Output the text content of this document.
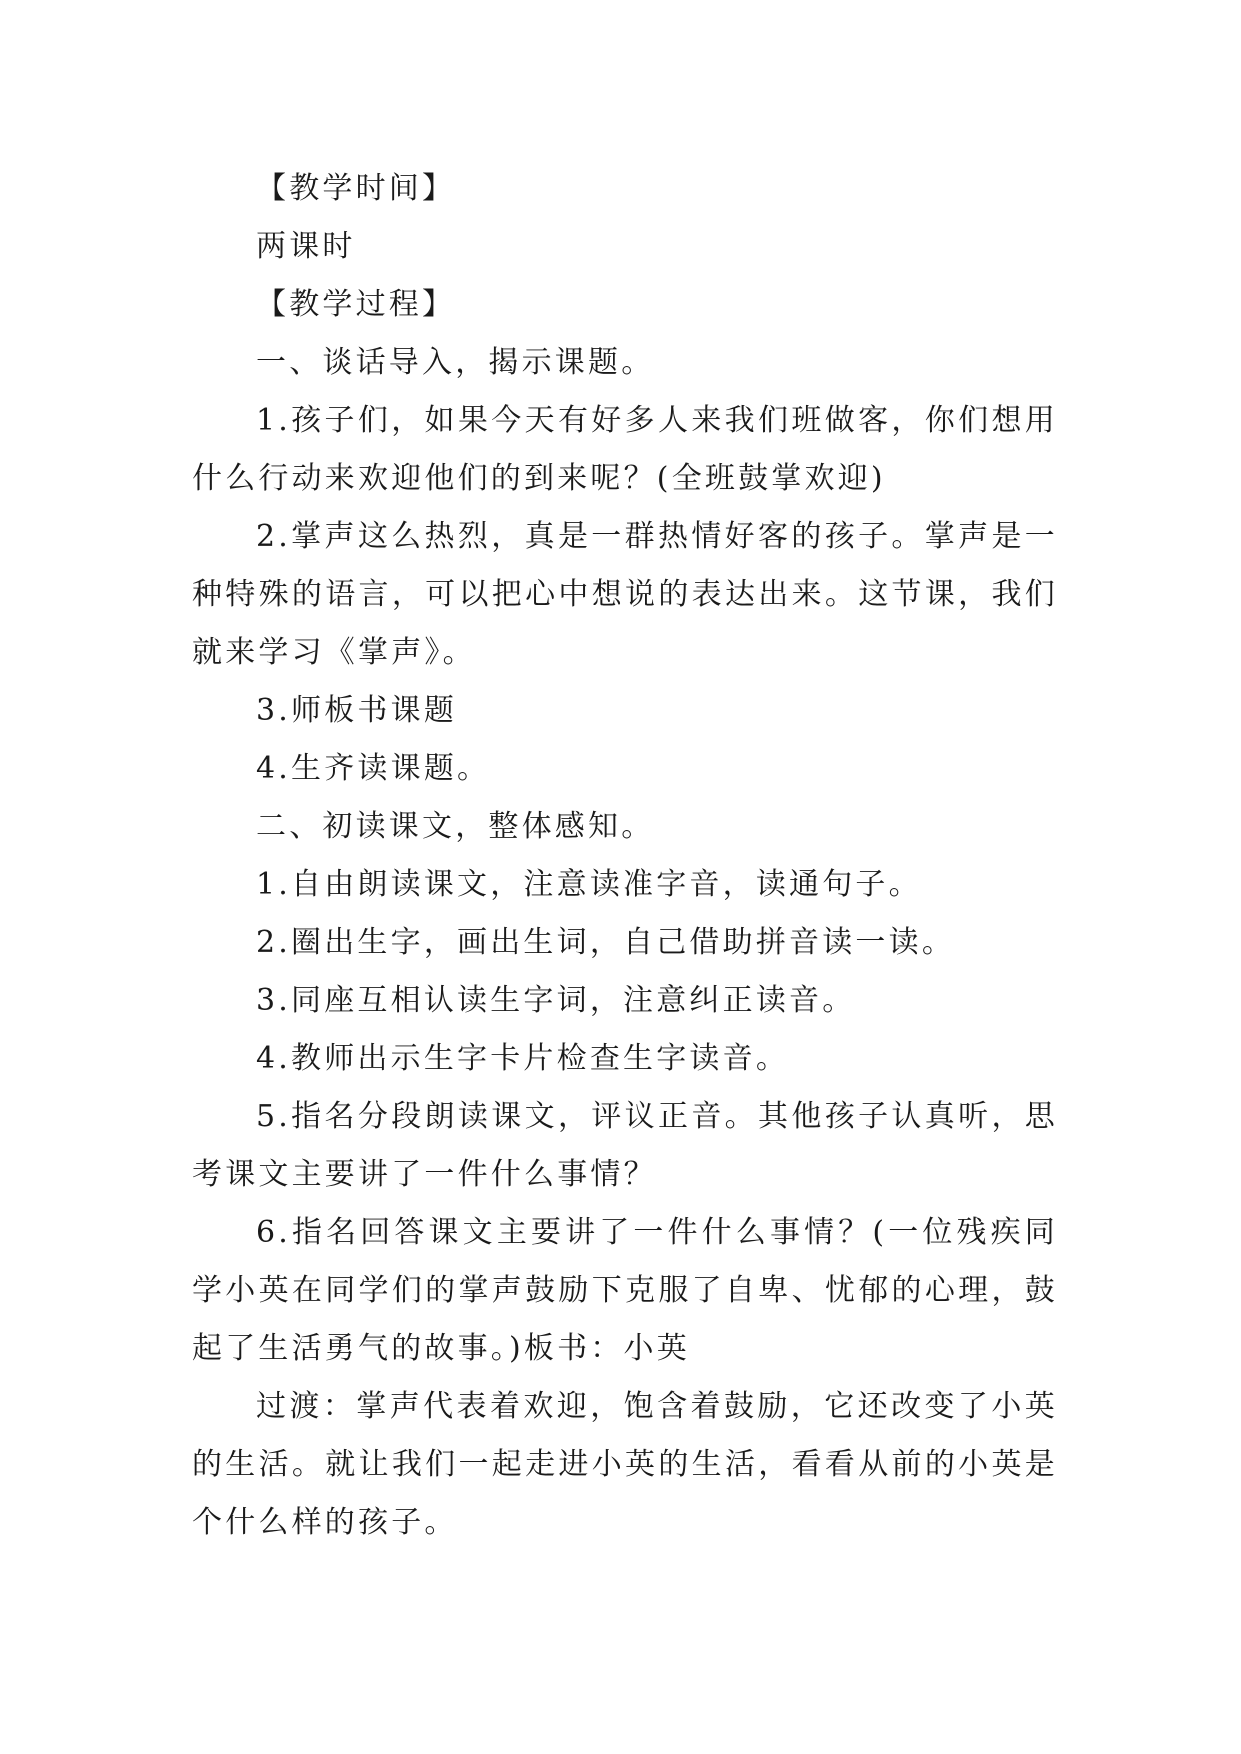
【教学时间】

两课时

【教学过程】

一、谈话导入，揭示课题。

1.孩子们，如果今天有好多人来我们班做客，你们想用什么行动来欢迎他们的到来呢？(全班鼓掌欢迎)

2.掌声这么热烈，真是一群热情好客的孩子。掌声是一种特殊的语言，可以把心中想说的表达出来。这节课，我们就来学习《掌声》。

3.师板书课题

4.生齐读课题。

二、初读课文，整体感知。

1.自由朗读课文，注意读准字音，读通句子。

2.圈出生字，画出生词，自己借助拼音读一读。

3.同座互相认读生字词，注意纠正读音。

4.教师出示生字卡片检查生字读音。

5.指名分段朗读课文，评议正音。其他孩子认真听，思考课文主要讲了一件什么事情？

6.指名回答课文主要讲了一件什么事情？(一位残疾同学小英在同学们的掌声鼓励下克服了自卑、忧郁的心理，鼓起了生活勇气的故事。)板书：小英

过渡：掌声代表着欢迎，饱含着鼓励，它还改变了小英的生活。就让我们一起走进小英的生活，看看从前的小英是个什么样的孩子。
